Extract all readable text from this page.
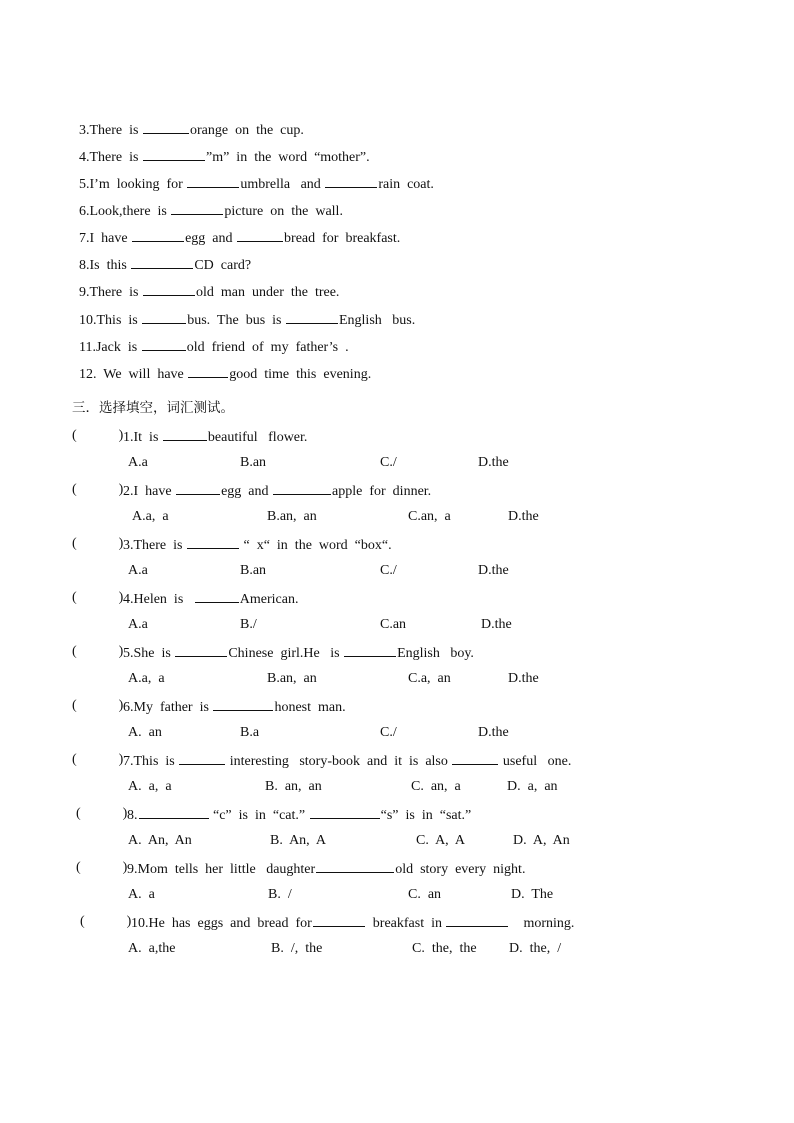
3.There  is	orange  on  the  cup.

4.There  is	”m”  in  the  word  “mother”.

5.I’m  looking  for	umbrella   and	rain  coat.

6.Look,there  is	picture  on  the  wall.

7.I  have	egg  and	bread  for  breakfast.

8.Is  this	CD  card?

9.There  is	old  man  under  the  tree.

10.This  is	bus.  The  bus  is	English   bus.

11.Jack  is	old  friend  of  my  father’s  .

12.  We  will  have	good  time  this  evening.

三．选择填空，词汇测试。
(            ) 1.It  is	beautiful   flower.
A.a	B.an	C./	D.the
(            ) 2.I  have	egg  and	apple  for  dinner.
A.a,  a	B.an,  an	C.an,  a	D.the
(            ) 3.There  is	“  x“  in  the  word  “box“.
A.a	B.an	C./	D.the
(            ) 4.Helen  is	American.
A.a	B./	C.an	D.the
(            ) 5.She  is	Chinese  girl.He   is	English   boy.
A.a,  a	B.an,  an	C.a,  an	D.the
(            ) 6.My  father  is	honest  man.
A.  an	B.a	C./	D.the
(            ) 7.This  is	interesting   story-book  and  it  is  also	useful   one.
A.  a,  a	B.  an,  an	C.  an,  a	D.  a,  an
(            ) 8.	“c”  is  in  “cat.”	“s”  is  in  “sat.”
A.  An,  An	B.  An,  A	C.  A,  A	D.  A,  An
(            ) 9.Mom  tells  her  little   daughter	old  story  every  night.
A.  a	B.  /	C.  an	D.  The
(            ) 10.He  has  eggs  and  bread  for	breakfast  in	morning.
A.  a,the	B.  /,  the	C.  the,  the D.  the,  /
